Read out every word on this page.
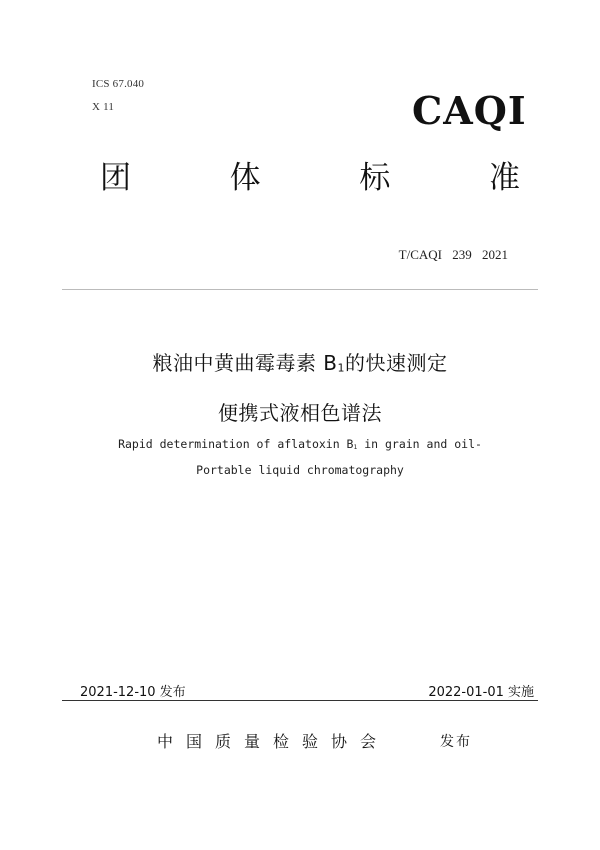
ICS 67.040
X 11	CAQI
团	体	标	准
T/CAQI 239 2021
粮油中黄曲霉毒素 $B_1$的快速测定
便携式液相色谱法
Rapid determination of aflatoxin $B_1$ in grain and oil-
Portable liquid chromatography
2021-12-10 发布	2022-01-01 实施
中国质量检验协会	发布
